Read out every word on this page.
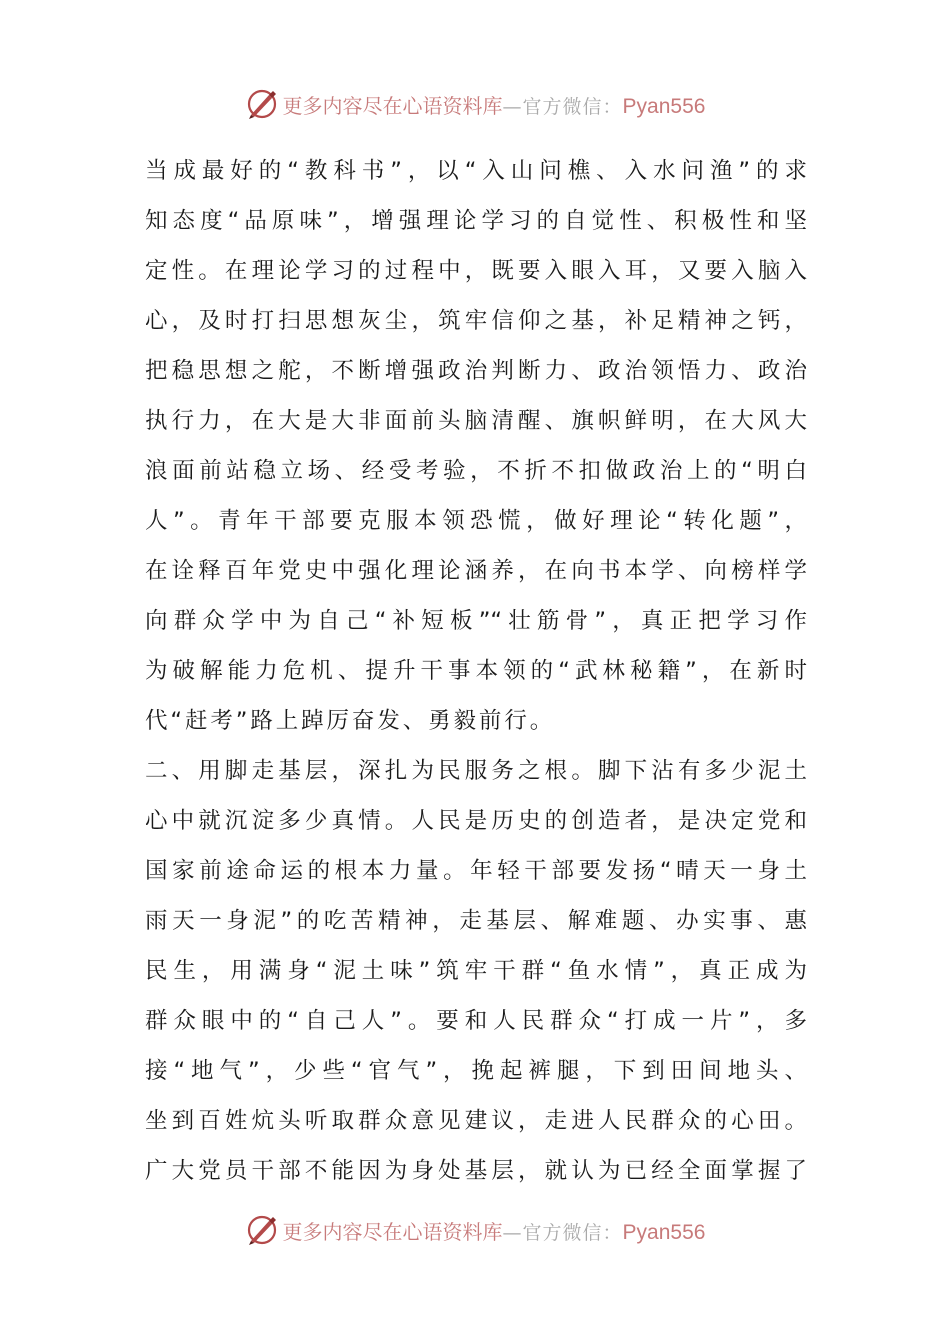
更多内容尽在心语资料库 — 官方微信： Pyan556
当成最好的“教科书”，以“入山问樵、入水问渔”的求
知态度“品原味”，增强理论学习的自觉性、积极性和坚
定性。在理论学习的过程中，既要入眼入耳，又要入脑入
心，及时打扫思想灰尘，筑牢信仰之基，补足精神之钙，
把稳思想之舵，不断增强政治判断力、政治领悟力、政治
执行力，在大是大非面前头脑清醒、旗帜鲜明，在大风大
浪面前站稳立场、经受考验，不折不扣做政治上的“明白
人”。青年干部要克服本领恐慌，做好理论“转化题”，
在诠释百年党史中强化理论涵养，在向书本学、向榜样学
向群众学中为自己“补短板”“壮筋骨”，真正把学习作
为破解能力危机、提升干事本领的“武林秘籍”，在新时
代“赶考”路上踔厉奋发、勇毅前行。
二、用脚走基层，深扎为民服务之根。脚下沾有多少泥土
心中就沉淀多少真情。人民是历史的创造者，是决定党和
国家前途命运的根本力量。年轻干部要发扬“晴天一身土
雨天一身泥”的吃苦精神，走基层、解难题、办实事、惠
民生，用满身“泥土味”筑牢干群“鱼水情”，真正成为
群众眼中的“自己人”。要和人民群众“打成一片”，多
接“地气”，少些“官气”，挽起裤腿，下到田间地头、
坐到百姓炕头听取群众意见建议，走进人民群众的心田。
广大党员干部不能因为身处基层，就认为已经全面掌握了
更多内容尽在心语资料库 — 官方微信： Pyan556
